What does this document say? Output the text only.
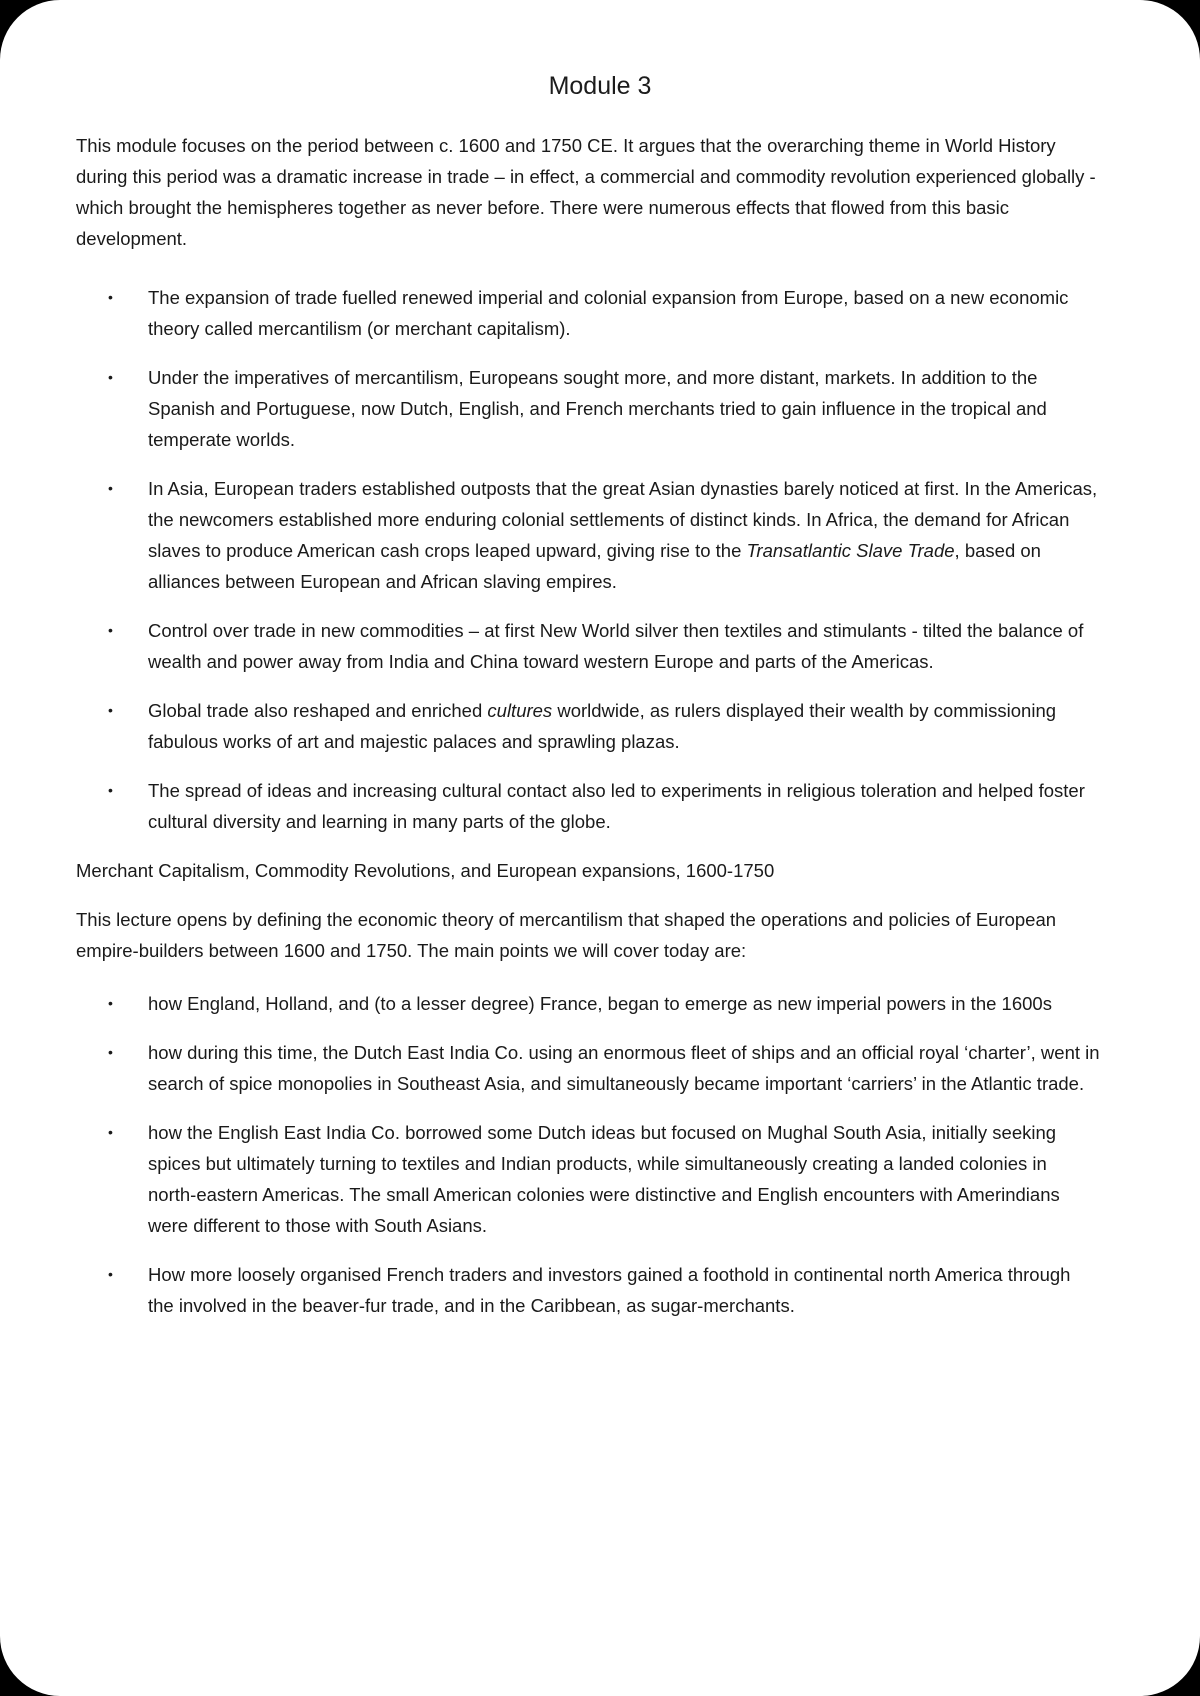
Module 3

This module focuses on the period between c. 1600 and 1750 CE. It argues that the overarching theme in World History during this period was a dramatic increase in trade – in effect, a commercial and commodity revolution experienced globally - which brought the hemispheres together as never before. There were numerous effects that flowed from this basic development.

• The expansion of trade fuelled renewed imperial and colonial expansion from Europe, based on a new economic theory called mercantilism (or merchant capitalism).
• Under the imperatives of mercantilism, Europeans sought more, and more distant, markets. In addition to the Spanish and Portuguese, now Dutch, English, and French merchants tried to gain influence in the tropical and temperate worlds.
• In Asia, European traders established outposts that the great Asian dynasties barely noticed at first. In the Americas, the newcomers established more enduring colonial settlements of distinct kinds. In Africa, the demand for African slaves to produce American cash crops leaped upward, giving rise to the Transatlantic Slave Trade, based on alliances between European and African slaving empires.
• Control over trade in new commodities – at first New World silver then textiles and stimulants - tilted the balance of wealth and power away from India and China toward western Europe and parts of the Americas.
• Global trade also reshaped and enriched cultures worldwide, as rulers displayed their wealth by commissioning fabulous works of art and majestic palaces and sprawling plazas.
• The spread of ideas and increasing cultural contact also led to experiments in religious toleration and helped foster cultural diversity and learning in many parts of the globe.

Merchant Capitalism, Commodity Revolutions, and European expansions, 1600-1750

This lecture opens by defining the economic theory of mercantilism that shaped the operations and policies of European empire-builders between 1600 and 1750. The main points we will cover today are:

• how England, Holland, and (to a lesser degree) France, began to emerge as new imperial powers in the 1600s
• how during this time, the Dutch East India Co. using an enormous fleet of ships and an official royal ‘charter’, went in search of spice monopolies in Southeast Asia, and simultaneously became important ‘carriers’ in the Atlantic trade.
• how the English East India Co. borrowed some Dutch ideas but focused on Mughal South Asia, initially seeking spices but ultimately turning to textiles and Indian products, while simultaneously creating a landed colonies in north-eastern Americas. The small American colonies were distinctive and English encounters with Amerindians were different to those with South Asians.
• How more loosely organised French traders and investors gained a foothold in continental north America through the involved in the beaver-fur trade, and in the Caribbean, as sugar-merchants.
